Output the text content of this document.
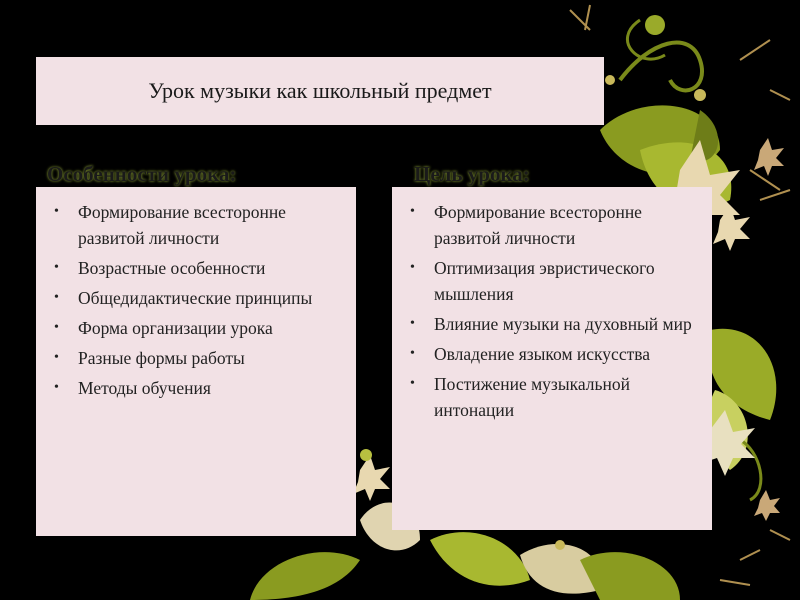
Урок музыки как школьный предмет
Особенности урока:	Цель урока:
• Формирование всесторонне развитой личности
• Возрастные особенности
• Общедидактические принципы
• Форма организации урока
• Разные формы работы
• Методы обучения
• Формирование всесторонне развитой личности
• Оптимизация эвристического мышления
• Влияние музыки на духовный мир
• Овладение языком искусства
• Постижение музыкальной интонации
